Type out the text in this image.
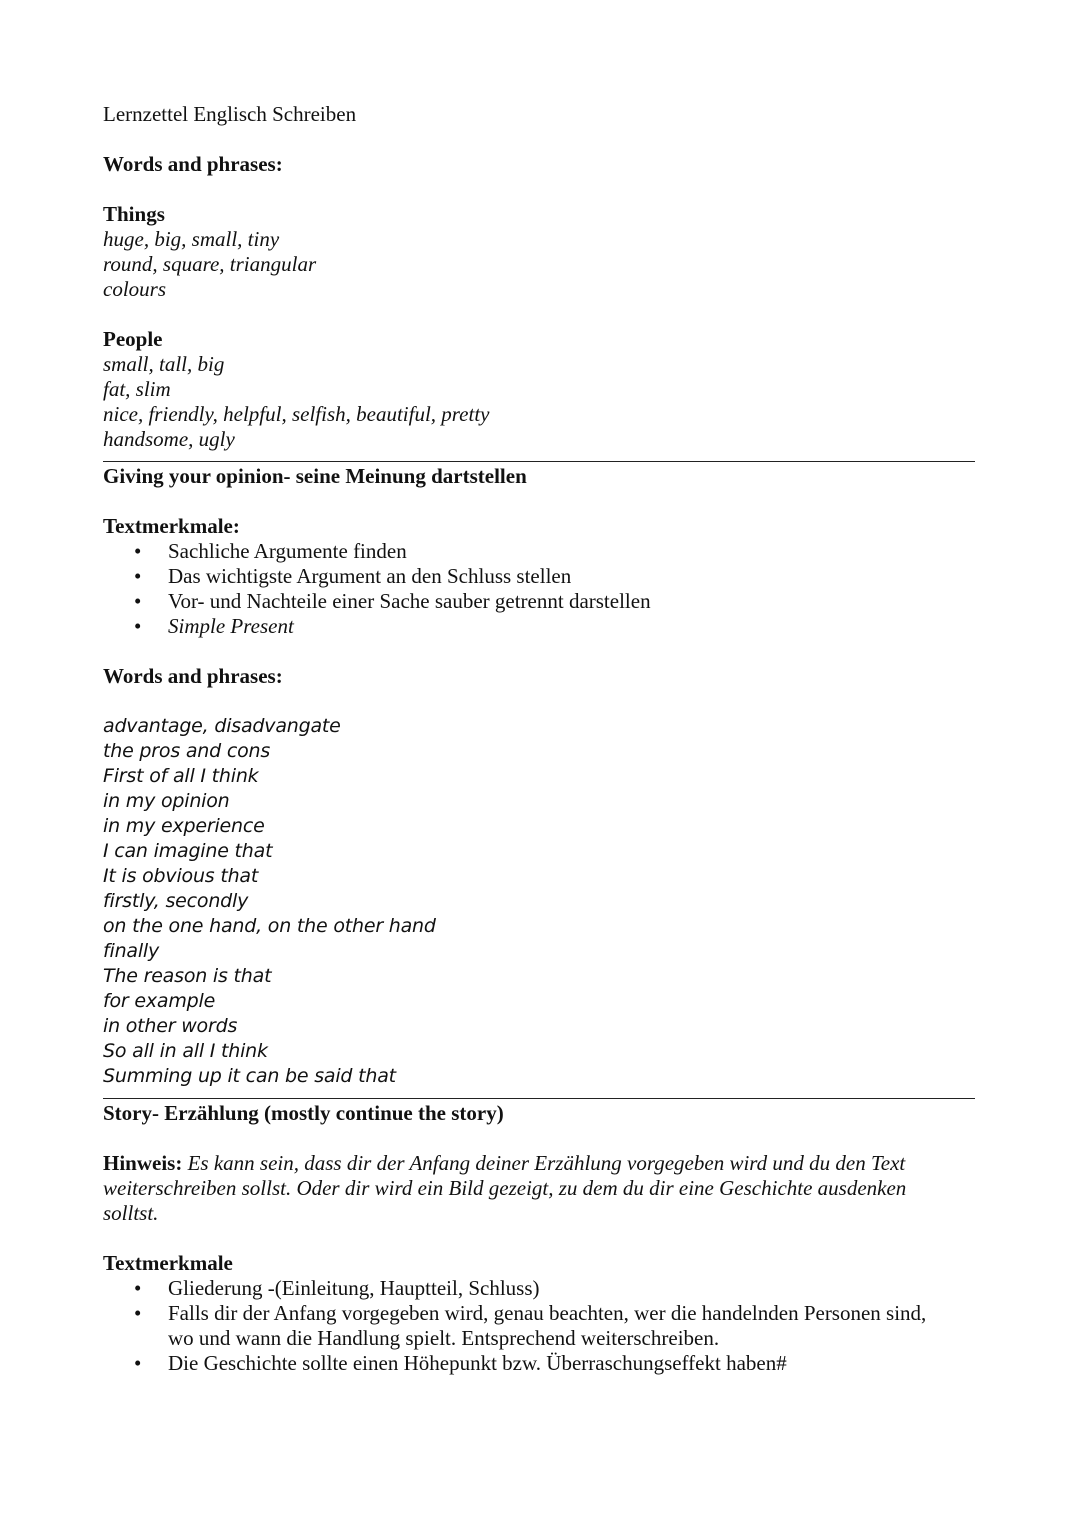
Lernzettel Englisch Schreiben
Words and phrases:
Things
huge, big, small, tiny
round, square, triangular
colours
People
small, tall, big
fat, slim
nice, friendly, helpful, selfish, beautiful, pretty
handsome, ugly
Giving your opinion- seine Meinung dartstellen
Textmerkmale:
• Sachliche Argumente finden
• Das wichtigste Argument an den Schluss stellen
• Vor- und Nachteile einer Sache sauber getrennt darstellen
• Simple Present
Words and phrases:
advantage, disadvangate
the pros and cons
First of all I think
in my opinion
in my experience
I can imagine that
It is obvious that
firstly, secondly
on the one hand, on the other hand
finally
The reason is that
for example
in other words
So all in all I think
Summing up it can be said that
Story- Erzählung (mostly continue the story)
Hinweis: Es kann sein, dass dir der Anfang deiner Erzählung vorgegeben wird und du den Text
weiterschreiben sollst. Oder dir wird ein Bild gezeigt, zu dem du dir eine Geschichte ausdenken
solltst.
Textmerkmale
• Gliederung -(Einleitung, Hauptteil, Schluss)
• Falls dir der Anfang vorgegeben wird, genau beachten, wer die handelnden Personen sind,
wo und wann die Handlung spielt. Entsprechend weiterschreiben.
• Die Geschichte sollte einen Höhepunkt bzw. Überraschungseffekt haben#
